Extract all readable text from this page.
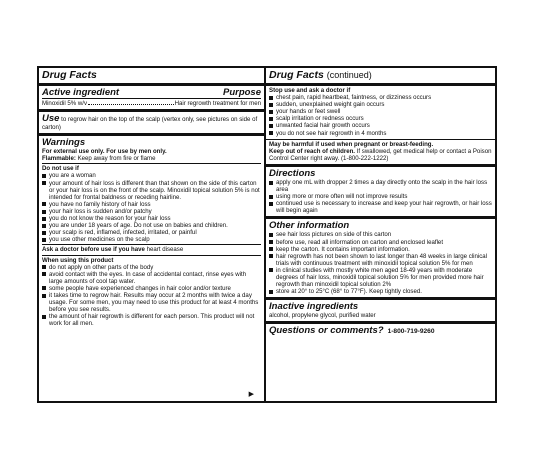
Drug Facts
Active ingredient	Purpose
Minoxidil 5% w/v	Hair regrowth treatment for men
Use to regrow hair on the top of the scalp (vertex only, see pictures on side of carton)
Warnings
For external use only. For use by men only.
Flammable: Keep away from fire or flame
Do not use if
you are a woman
your amount of hair loss is different than that shown on the side of this carton or your hair loss is on the front of the scalp. Minoxidil topical solution 5% is not intended for frontal baldness or receding hairline.
you have no family history of hair loss
your hair loss is sudden and/or patchy
you do not know the reason for your hair loss
you are under 18 years of age. Do not use on babies and children.
your scalp is red, inflamed, infected, irritated, or painful
you use other medicines on the scalp
Ask a doctor before use if you have heart disease
When using this product
do not apply on other parts of the body
avoid contact with the eyes. In case of accidental contact, rinse eyes with large amounts of cool tap water.
some people have experienced changes in hair color and/or texture
it takes time to regrow hair. Results may occur at 2 months with twice a day usage. For some men, you may need to use this product for at least 4 months before you see results.
the amount of hair regrowth is different for each person. This product will not work for all men.
▶
Drug Facts (continued)
Stop use and ask a doctor if
chest pain, rapid heartbeat, faintness, or dizziness occurs
sudden, unexplained weight gain occurs
your hands or feet swell
scalp irritation or redness occurs
unwanted facial hair growth occurs
you do not see hair regrowth in 4 months
May be harmful if used when pregnant or breast-feeding.
Keep out of reach of children. If swallowed, get medical help or contact a Poison Control Center right away. (1-800-222-1222)
Directions
apply one mL with dropper 2 times a day directly onto the scalp in the hair loss area
using more or more often will not improve results
continued use is necessary to increase and keep your hair regrowth, or hair loss will begin again
Other information
see hair loss pictures on side of this carton
before use, read all information on carton and enclosed leaflet
keep the carton. It contains important information.
hair regrowth has not been shown to last longer than 48 weeks in large clinical trials with continuous treatment with minoxidil topical solution 5% for men
in clinical studies with mostly white men aged 18-49 years with moderate degrees of hair loss, minoxidil topical solution 5% for men provided more hair regrowth than minoxidil topical solution 2%
store at 20° to 25°C (68° to 77°F). Keep tightly closed.
Inactive ingredients
alcohol, propylene glycol, purified water
Questions or comments? 1-800-719-9260
